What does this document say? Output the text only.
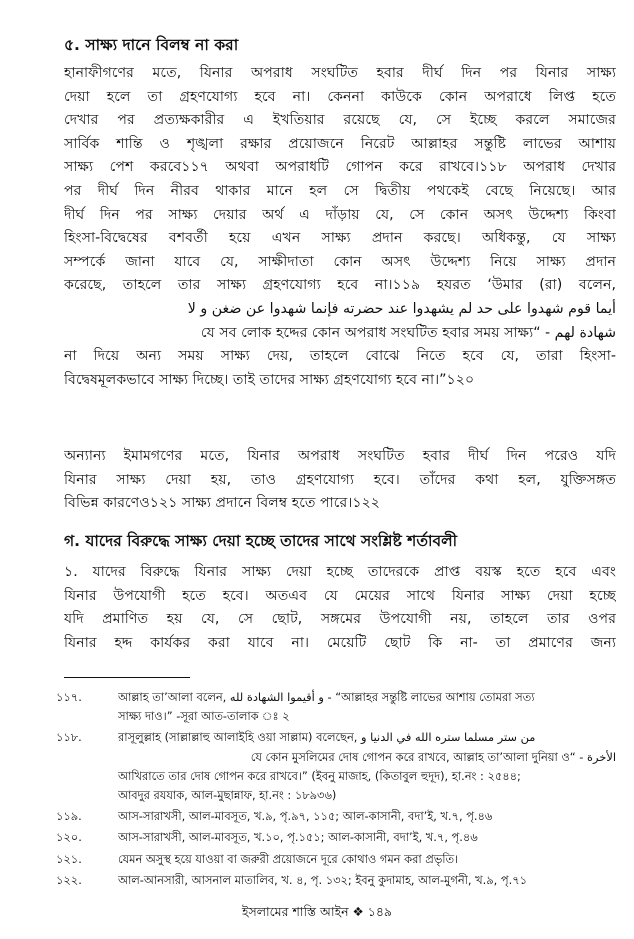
৫. সাক্ষ্য দানে বিলম্ব না করা
হানাফীগণের মতে, যিনার অপরাধ সংঘটিত হবার দীর্ঘ দিন পর যিনার সাক্ষ্য
দেয়া হলে তা গ্রহণযোগ্য হবে না। কেননা কাউকে কোন অপরাধে লিপ্ত হতে
দেখার পর প্রত্যক্ষকারীর এ ইখতিয়ার রয়েছে যে, সে ইচ্ছে করলে সমাজের
সার্বিক শান্তি ও শৃঙ্খলা রক্ষার প্রয়োজনে নিরেট আল্লাহর সন্তুষ্টি লাভের আশায়
সাক্ষ্য পেশ করবে১১৭ অথবা অপরাধটি গোপন করে রাখবে।১১৮ অপরাধ দেখার
পর দীর্ঘ দিন নীরব থাকার মানে হল সে দ্বিতীয় পথকেই বেছে নিয়েছে। আর
দীর্ঘ দিন পর সাক্ষ্য দেয়ার অর্থ এ দাঁড়ায় যে, সে কোন অসৎ উদ্দেশ্য কিংবা
হিংসা-বিদ্বেষের বশবর্তী হয়ে এখন সাক্ষ্য প্রদান করছে। অধিকন্তু, যে সাক্ষ্য
সম্পর্কে জানা যাবে যে, সাক্ষীদাতা কোন অসৎ উদ্দেশ্য নিয়ে সাক্ষ্য প্রদান
করেছে, তাহলে তার সাক্ষ্য গ্রহণযোগ্য হবে না।১১৯ হযরত ‘উমার (রা) বলেন,
أيما قوم شهدوا على حد لم يشهدوا عند حضرته فإنما شهدوا عن ضغن و لا
شهادة لهم - “যে সব লোক হদ্দের কোন অপরাধ সংঘটিত হবার সময় সাক্ষ্য
না দিয়ে অন্য সময় সাক্ষ্য দেয়, তাহলে বোঝে নিতে হবে যে, তারা হিংসা-
বিদ্বেষমূলকভাবে সাক্ষ্য দিচ্ছে। তাই তাদের সাক্ষ্য গ্রহণযোগ্য হবে না।”১২০
অন্যান্য ইমামগণের মতে, যিনার অপরাধ সংঘটিত হবার দীর্ঘ দিন পরেও যদি
যিনার সাক্ষ্য দেয়া হয়, তাও গ্রহণযোগ্য হবে। তাঁদের কথা হল, যুক্তিসঙ্গত
বিভিন্ন কারণেও১২১ সাক্ষ্য প্রদানে বিলম্ব হতে পারে।১২২
গ. যাদের বিরুদ্ধে সাক্ষ্য দেয়া হচ্ছে তাদের সাথে সংশ্লিষ্ট শর্তাবলী
১. যাদের বিরুদ্ধে যিনার সাক্ষ্য দেয়া হচ্ছে তাদেরকে প্রাপ্ত বয়স্ক হতে হবে এবং
যিনার উপযোগী হতে হবে। অতএব যে মেয়ের সাথে যিনার সাক্ষ্য দেয়া হচ্ছে
যদি প্রমাণিত হয় যে, সে ছোট, সঙ্গমের উপযোগী নয়, তাহলে তার ওপর
যিনার হদ্দ কার্যকর করা যাবে না। মেয়েটি ছোট কি না- তা প্রমাণের জন্য
১১৭.	আল্লাহ তা’আলা বলেন, و أقيموا الشهادة لله - “আল্লাহর সন্তুষ্টি লাভের আশায় তোমরা সত্য
সাক্ষ্য দাও।” -সূরা আত-তালাক ঃ ২
১১৮.	রাসূলুল্লাহ (সাল্লাল্লাহু আলাইহি ওয়া সাল্লাম) বলেছেন, من ستر مسلما ستره الله في الدنيا و
الأخرة - “যে কোন মুসলিমের দোষ গোপন করে রাখবে, আল্লাহ তা’আলা দুনিয়া ও
আখিরাতে তার দোষ গোপন করে রাখবে।” (ইবনু মাজাহ, (কিতাবুল হুদূদ), হা.নং : ২৫৪৪;
আবদুর রযযাক, আল-মুছান্নাফ, হা.নং : ১৮৯৩৬)
১১৯.	আস-সারাখসী, আল-মাবসূত, খ.৯, পৃ.৯৭, ১১৫; আল-কাসানী, বদা’ই, খ.৭, পৃ.৪৬
১২০.	আস-সারাখসী, আল-মাবসূত, খ.১০, পৃ.১৫১; আল-কাসানী, বদা’ই, খ.৭, পৃ.৪৬
১২১.	যেমন অসুস্থ হয়ে যাওয়া বা জরুরী প্রয়োজনে দূরে কোথাও গমন করা প্রভৃতি।
১২২.	আল-আনসারী, আসনাল মাতালিব, খ. ৪, পৃ. ১৩২; ইবনু কুদামাহ, আল-মুগনী, খ.৯, পৃ.৭১
ইসলামের শাস্তি আইন ❖ ১৪৯
